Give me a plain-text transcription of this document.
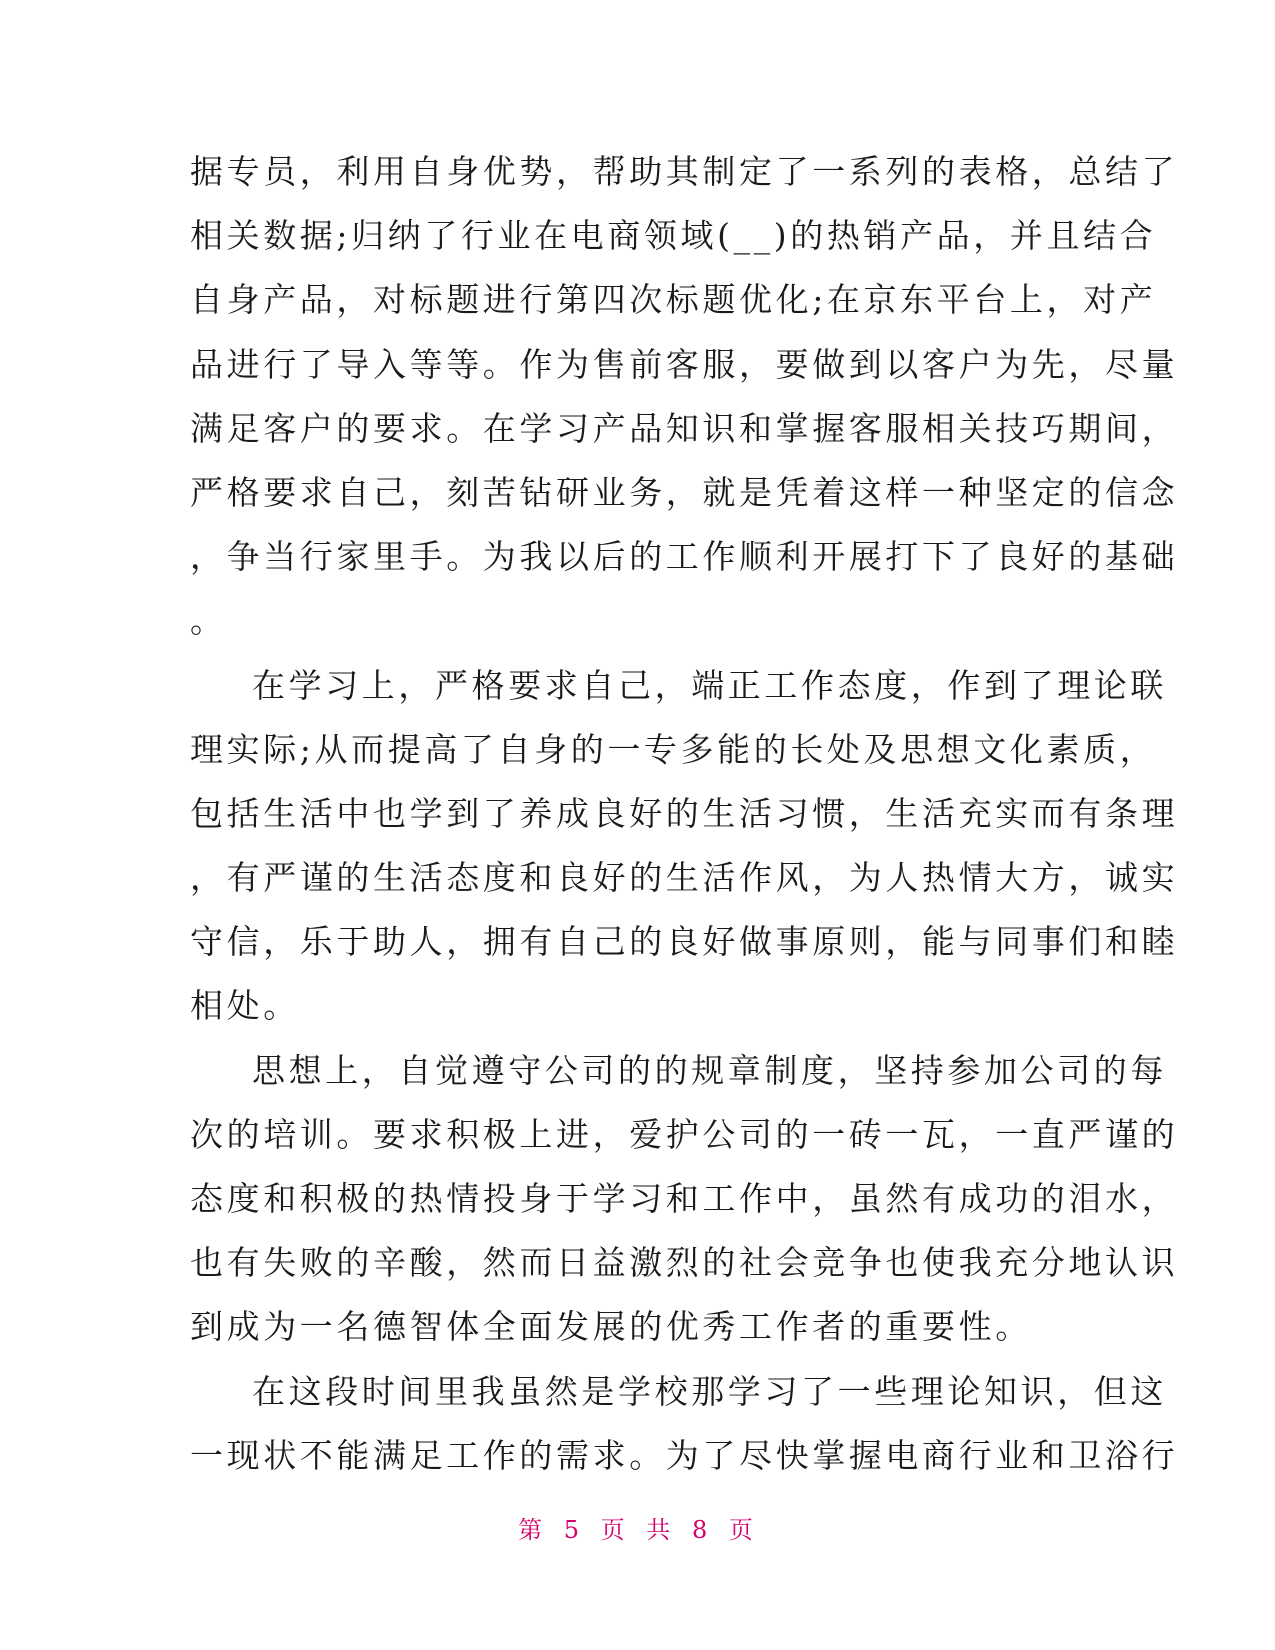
据专员，利用自身优势，帮助其制定了一系列的表格，总结了
相关数据;归纳了行业在电商领域(__)的热销产品，并且结合
自身产品，对标题进行第四次标题优化;在京东平台上，对产
品进行了导入等等。作为售前客服，要做到以客户为先，尽量
满足客户的要求。在学习产品知识和掌握客服相关技巧期间，
严格要求自己，刻苦钻研业务，就是凭着这样一种坚定的信念
，争当行家里手。为我以后的工作顺利开展打下了良好的基础
。
在学习上，严格要求自己，端正工作态度，作到了理论联
理实际;从而提高了自身的一专多能的长处及思想文化素质，
包括生活中也学到了养成良好的生活习惯，生活充实而有条理
，有严谨的生活态度和良好的生活作风，为人热情大方，诚实
守信，乐于助人，拥有自己的良好做事原则，能与同事们和睦
相处。
思想上，自觉遵守公司的的规章制度，坚持参加公司的每
次的培训。要求积极上进，爱护公司的一砖一瓦，一直严谨的
态度和积极的热情投身于学习和工作中，虽然有成功的泪水，
也有失败的辛酸，然而日益激烈的社会竞争也使我充分地认识
到成为一名德智体全面发展的优秀工作者的重要性。
在这段时间里我虽然是学校那学习了一些理论知识，但这
一现状不能满足工作的需求。为了尽快掌握电商行业和卫浴行
第 5 页 共 8 页
